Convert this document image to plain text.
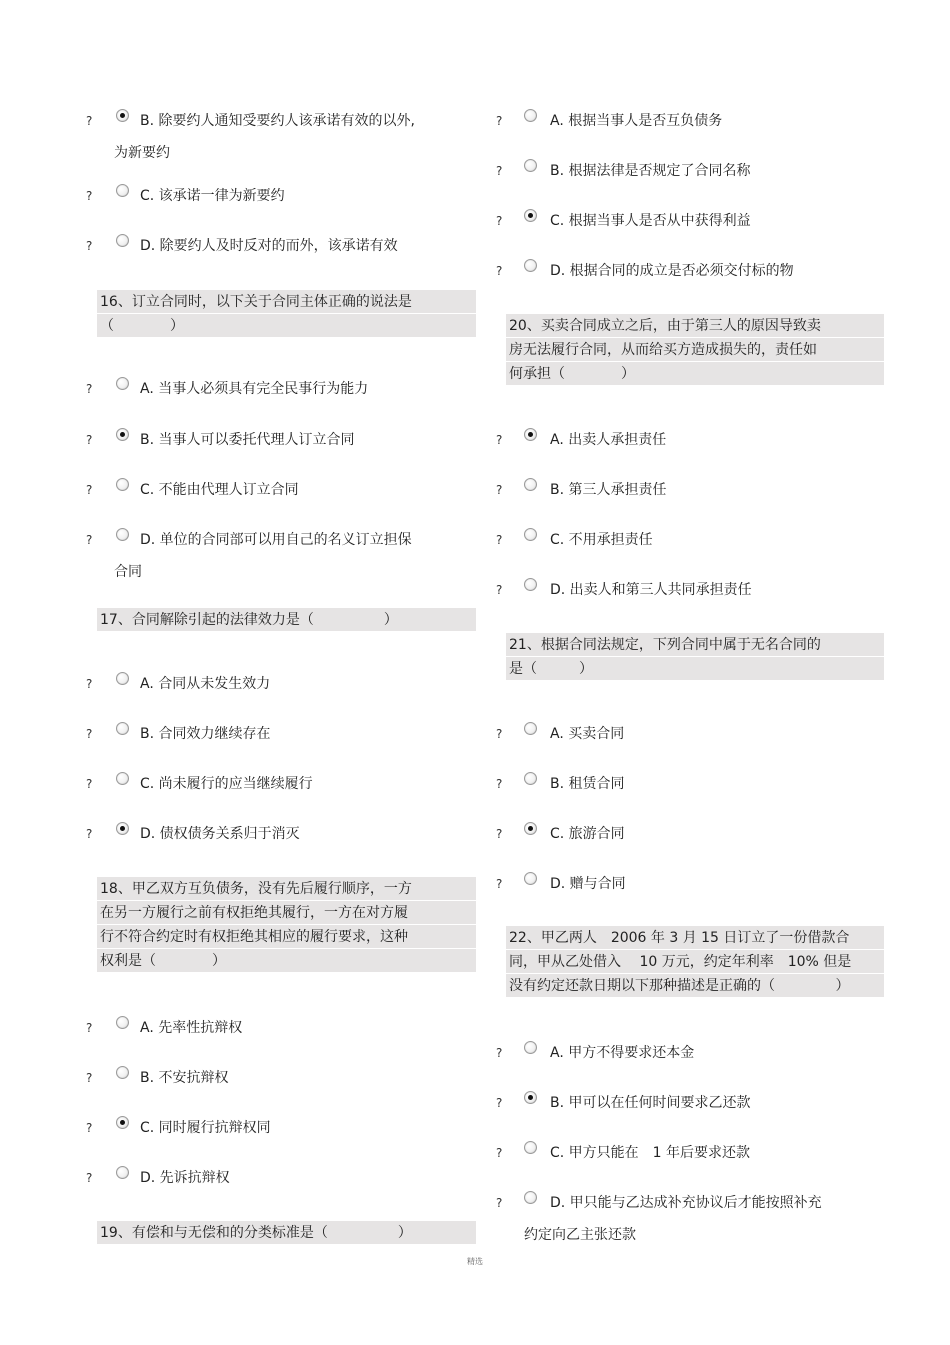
?	B. 除要约人通知受要约人该承诺有效的以外,
为新要约
?	C. 该承诺一律为新要约
?	D. 除要约人及时反对的而外，该承诺有效
16、订立合同时，以下关于合同主体正确的说法是
（　　　　）
?	A. 当事人必须具有完全民事行为能力
?	B. 当事人可以委托代理人订立合同
?	C. 不能由代理人订立合同
?	D. 单位的合同部可以用自己的名义订立担保
合同
17、合同解除引起的法律效力是（　　　　　）
?	A. 合同从未发生效力
?	B. 合同效力继续存在
?	C. 尚未履行的应当继续履行
?	D. 债权债务关系归于消灭
18、甲乙双方互负债务，没有先后履行顺序，一方
在另一方履行之前有权拒绝其履行，一方在对方履
行不符合约定时有权拒绝其相应的履行要求，这种
权利是（　　　　）
?	A. 先率性抗辩权
?	B. 不安抗辩权
?	C. 同时履行抗辩权同
?	D. 先诉抗辩权
19、有偿和与无偿和的分类标准是（　　　　　）
?	A. 根据当事人是否互负债务
?	B. 根据法律是否规定了合同名称
?	C. 根据当事人是否从中获得利益
?	D. 根据合同的成立是否必须交付标的物
20、买卖合同成立之后，由于第三人的原因导致卖
房无法履行合同，从而给买方造成损失的，责任如
何承担（　　　　）
?	A. 出卖人承担责任
?	B. 第三人承担责任
?	C. 不用承担责任
?	D. 出卖人和第三人共同承担责任
21、根据合同法规定，下列合同中属于无名合同的
是（　　　）
?	A. 买卖合同
?	B. 租赁合同
?	C. 旅游合同
?	D. 赠与合同
22、甲乙两人　2006 年 3 月 15 日订立了一份借款合
同，甲从乙处借入　 10 万元，约定年利率　10% 但是
没有约定还款日期以下那种描述是正确的（　　　　 ）
?	A. 甲方不得要求还本金
?	B. 甲可以在任何时间要求乙还款
?	C. 甲方只能在　1 年后要求还款
?	D. 甲只能与乙达成补充协议后才能按照补充
约定向乙主张还款
精选
